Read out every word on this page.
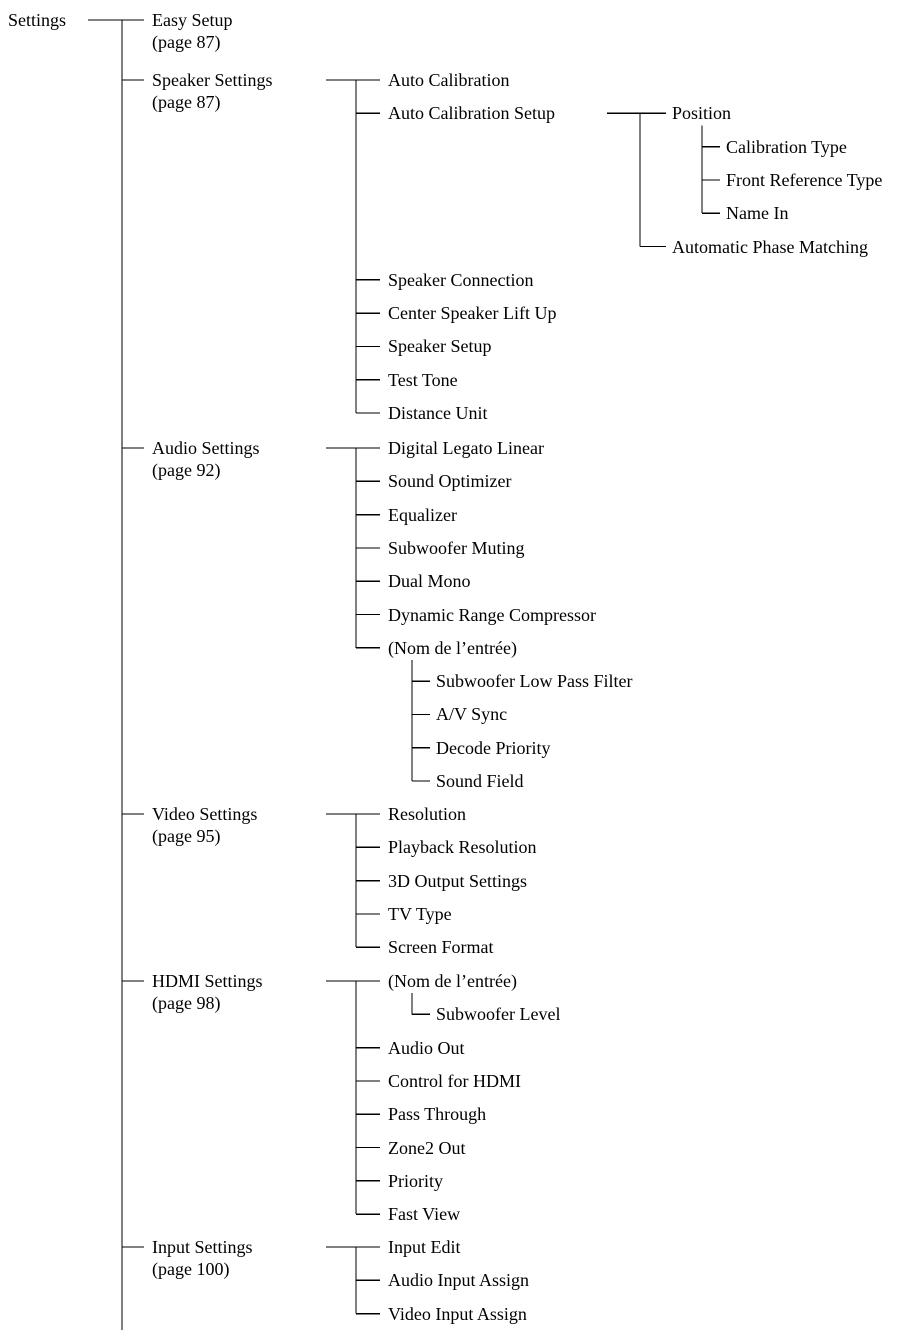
Settings	Easy Setup
(page 87)
Speaker Settings
(page 87)
Auto Calibration
Auto Calibration Setup	Position
Calibration Type
Front Reference Type
Name In
Automatic Phase Matching
Speaker Connection
Center Speaker Lift Up
Speaker Setup
Test Tone
Distance Unit
Audio Settings
(page 92)
Digital Legato Linear
Sound Optimizer
Equalizer
Subwoofer Muting
Dual Mono
Dynamic Range Compressor
(Nom de l’entrée)
Subwoofer Low Pass Filter
A/V Sync
Decode Priority
Sound Field
Video Settings
(page 95)
Resolution
Playback Resolution
3D Output Settings
TV Type
Screen Format
HDMI Settings
(page 98)
(Nom de l’entrée)
Subwoofer Level
Audio Out
Control for HDMI
Pass Through
Zone2 Out
Priority
Fast View
Input Settings
(page 100)
Input Edit
Audio Input Assign
Video Input Assign
